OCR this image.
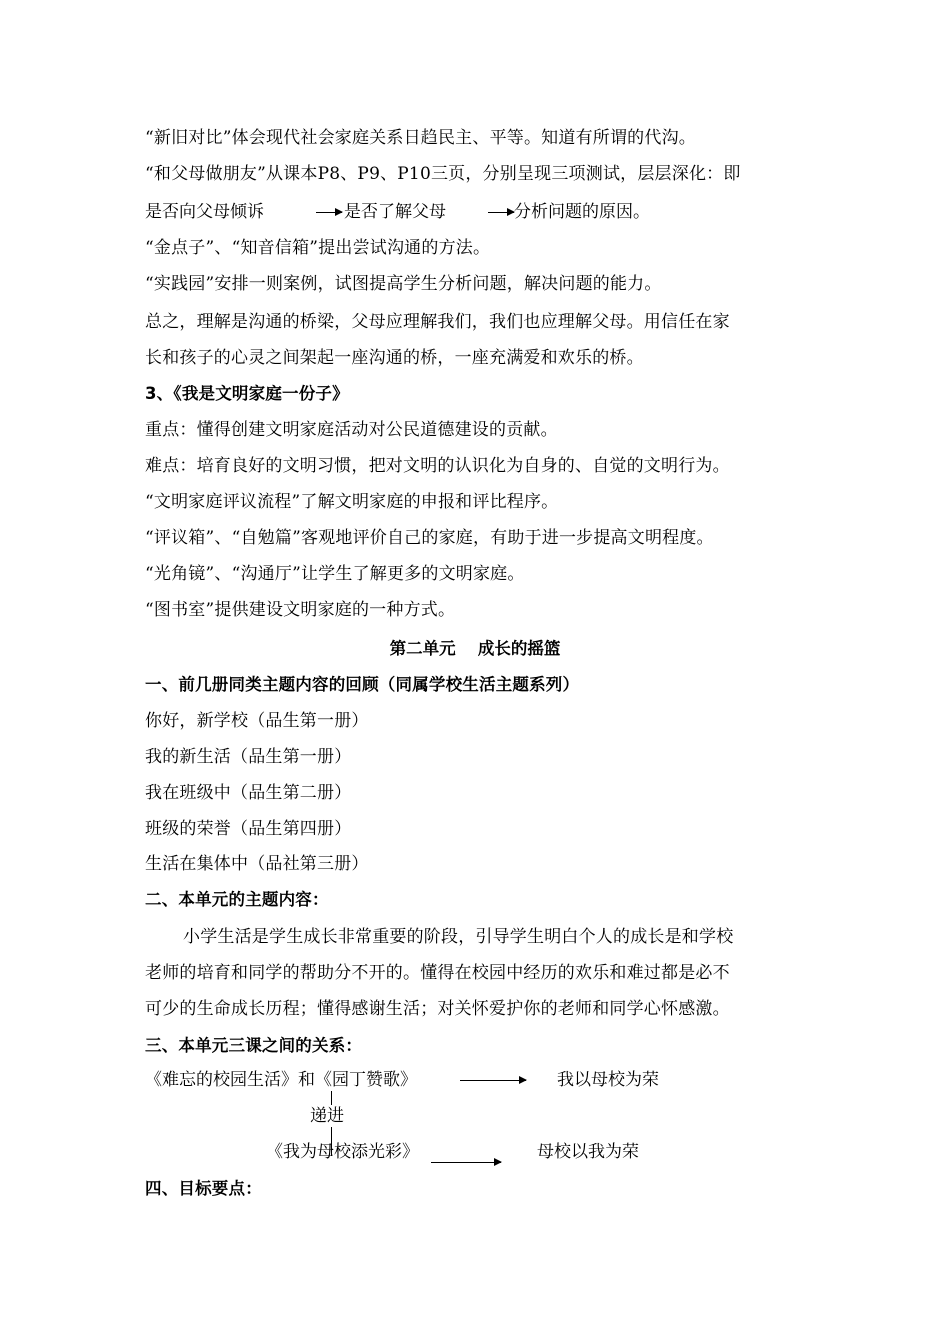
“新旧对比”体会现代社会家庭关系日趋民主、平等。知道有所谓的代沟。
“和父母做朋友”从课本P8、P9、P10三页，分别呈现三项测试，层层深化：即
是否向父母倾诉	是否了解父母	分析问题的原因。
“金点子”、“知音信箱”提出尝试沟通的方法。
“实践园”安排一则案例，试图提高学生分析问题，解决问题的能力。
总之，理解是沟通的桥梁，父母应理解我们，我们也应理解父母。用信任在家
长和孩子的心灵之间架起一座沟通的桥，一座充满爱和欢乐的桥。
3、《我是文明家庭一份子》
重点：懂得创建文明家庭活动对公民道德建设的贡献。
难点：培育良好的文明习惯，把对文明的认识化为自身的、自觉的文明行为。
“文明家庭评议流程”了解文明家庭的申报和评比程序。
“评议箱”、“自勉篇”客观地评价自己的家庭，有助于进一步提高文明程度。
“光角镜”、“沟通厅”让学生了解更多的文明家庭。
“图书室”提供建设文明家庭的一种方式。
第二单元　 成长的摇篮
一、前几册同类主题内容的回顾（同属学校生活主题系列）
你好，新学校（品生第一册）
我的新生活（品生第一册）
我在班级中（品生第二册）
班级的荣誉（品生第四册）
生活在集体中（品社第三册）
二、本单元的主题内容：
小学生活是学生成长非常重要的阶段，引导学生明白个人的成长是和学校
老师的培育和同学的帮助分不开的。懂得在校园中经历的欢乐和难过都是必不
可少的生命成长历程；懂得感谢生活；对关怀爱护你的老师和同学心怀感激。
三、本单元三课之间的关系：
《难忘的校园生活》和《园丁赞歌》	我以母校为荣
递进
《我为母校添光彩》	母校以我为荣
四、目标要点：
